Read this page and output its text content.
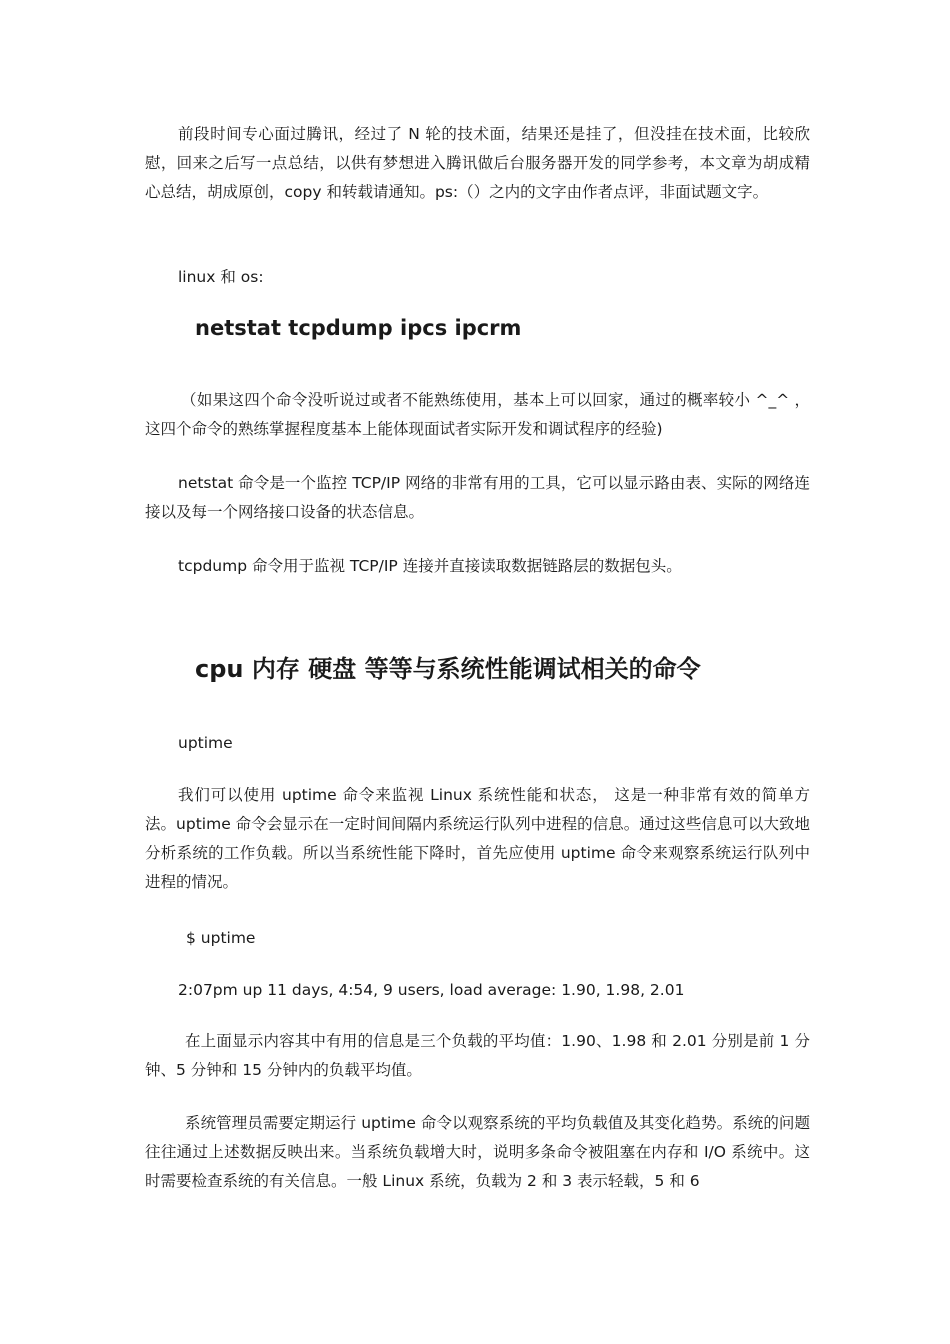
前段时间专心面过腾讯，经过了 N 轮的技术面，结果还是挂了，但没挂在技术面，比较欣慰，回来之后写一点总结，以供有梦想进入腾讯做后台服务器开发的同学参考，本文章为胡成精心总结，胡成原创，copy 和转载请通知。ps:（）之内的文字由作者点评，非面试题文字。

linux 和 os:

netstat tcpdump ipcs ipcrm

（如果这四个命令没听说过或者不能熟练使用，基本上可以回家，通过的概率较小 ^_^ ，这四个命令的熟练掌握程度基本上能体现面试者实际开发和调试程序的经验)

netstat 命令是一个监控 TCP/IP 网络的非常有用的工具，它可以显示路由表、实际的网络连接以及每一个网络接口设备的状态信息。

tcpdump 命令用于监视 TCP/IP 连接并直接读取数据链路层的数据包头。

cpu 内存 硬盘 等等与系统性能调试相关的命令

uptime

我们可以使用 uptime 命令来监视 Linux 系统性能和状态， 这是一种非常有效的简单方法。uptime 命令会显示在一定时间间隔内系统运行队列中进程的信息。通过这些信息可以大致地分析系统的工作负载。所以当系统性能下降时，首先应使用 uptime 命令来观察系统运行队列中进程的情况。

$ uptime

2:07pm up 11 days, 4:54, 9 users, load average: 1.90, 1.98, 2.01

在上面显示内容其中有用的信息是三个负载的平均值：1.90、1.98 和 2.01 分别是前 1 分钟、5 分钟和 15 分钟内的负载平均值。

系统管理员需要定期运行 uptime 命令以观察系统的平均负载值及其变化趋势。系统的问题往往通过上述数据反映出来。当系统负载增大时，说明多条命令被阻塞在内存和 I/O 系统中。这时需要检查系统的有关信息。一般 Linux 系统，负载为 2 和 3 表示轻载，5 和 6
